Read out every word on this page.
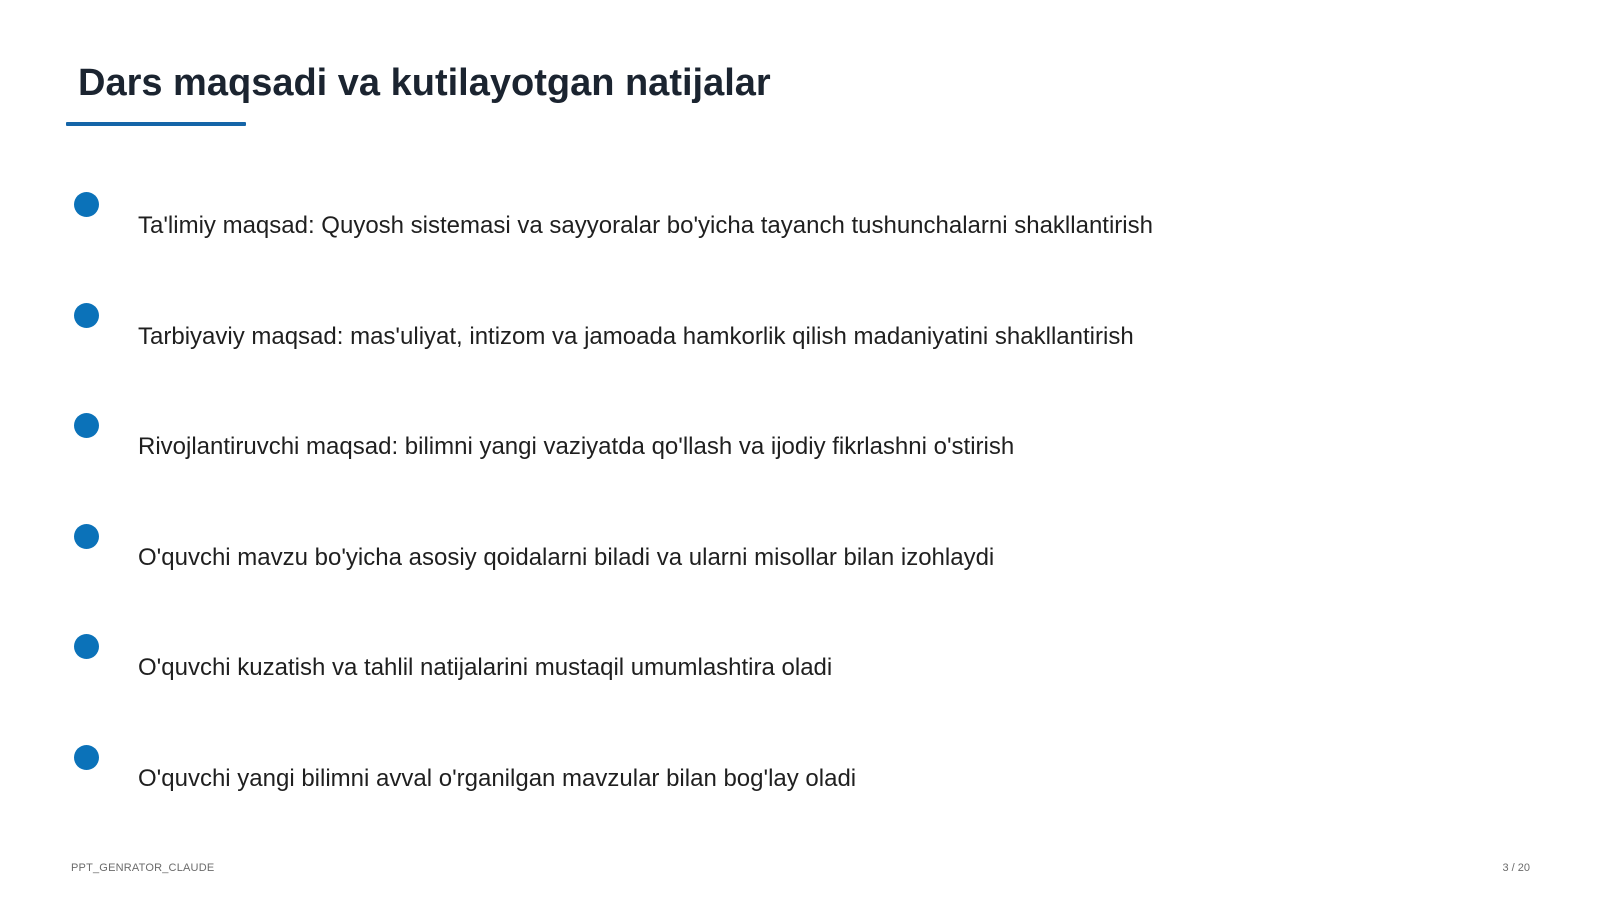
Dars maqsadi va kutilayotgan natijalar
Ta'limiy maqsad: Quyosh sistemasi va sayyoralar bo'yicha tayanch tushunchalarni shakllantirish
Tarbiyaviy maqsad: mas'uliyat, intizom va jamoada hamkorlik qilish madaniyatini shakllantirish
Rivojlantiruvchi maqsad: bilimni yangi vaziyatda qo'llash va ijodiy fikrlashni o'stirish
O'quvchi mavzu bo'yicha asosiy qoidalarni biladi va ularni misollar bilan izohlaydi
O'quvchi kuzatish va tahlil natijalarini mustaqil umumlashtira oladi
O'quvchi yangi bilimni avval o'rganilgan mavzular bilan bog'lay oladi
PPT_GENRATOR_CLAUDE	3 / 20
